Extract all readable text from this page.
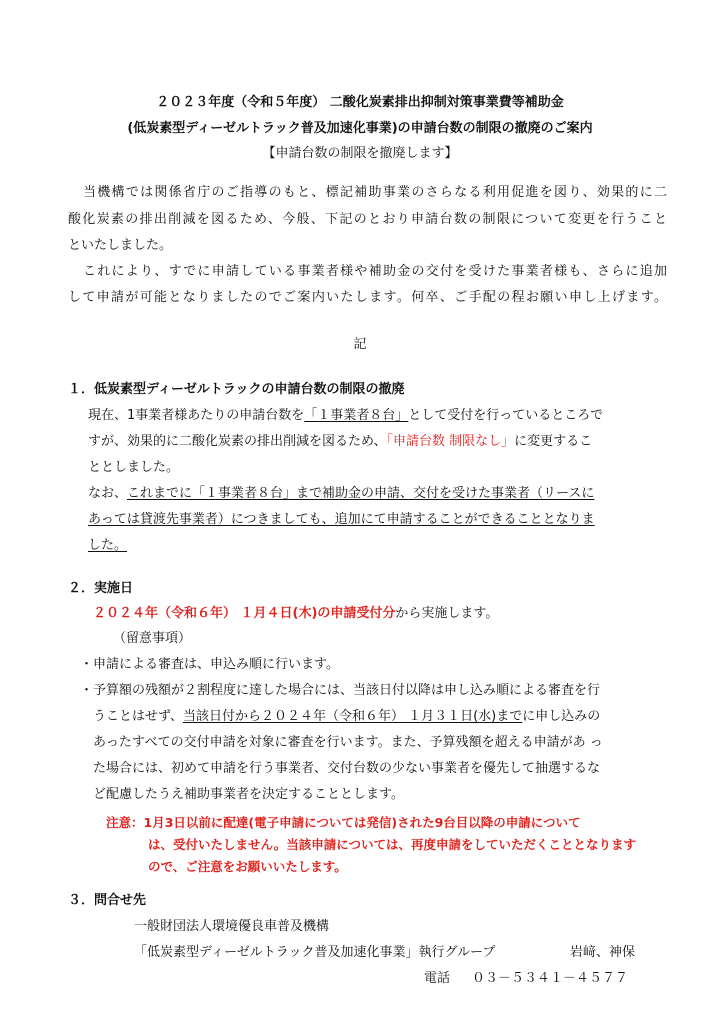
２０２３年度（令和５年度） 二酸化炭素排出抑制対策事業費等補助金
(低炭素型ディーゼルトラック普及加速化事業)の申請台数の制限の撤廃のご案内
【申請台数の制限を撤廃します】
当機構では関係省庁のご指導のもと、標記補助事業のさらなる利用促進を図り、効果的に二
酸化炭素の排出削減を図るため、今般、下記のとおり申請台数の制限について変更を行うこと
といたしました。
これにより、すでに申請している事業者様や補助金の交付を受けた事業者様も、さらに追加
して申請が可能となりましたのでご案内いたします。何卒、ご手配の程お願い申し上げます。
記
１．低炭素型ディーゼルトラックの申請台数の制限の撤廃
現在、1事業者様あたりの申請台数を「１事業者８台」として受付を行っているところで
すが、効果的に二酸化炭素の排出削減を図るため、「申請台数 制限なし」に変更するこ
ととしました。
なお、これまでに「１事業者８台」まで補助金の申請、交付を受けた事業者（リースに
あっては貸渡先事業者）につきましても、追加にて申請することができることとなりま
した。
２．実施日
２０２４年（令和６年） １月４日(木)の申請受付分から実施します。
（留意事項）
・申請による審査は、申込み順に行います。
・予算額の残額が２割程度に達した場合には、当該日付以降は申し込み順による審査を行
うことはせず、当該日付から２０２４年（令和６年） １月３１日(水)までに申し込みの
あったすべての交付申請を対象に審査を行います。また、予算残額を超える申請があ っ
た場合には、初めて申請を行う事業者、交付台数の少ない事業者を優先して抽選するな
ど配慮したうえ補助事業者を決定することとします。
注意：1月3日以前に配達(電子申請については発信)された9台目以降の申請について
は、受付いたしません。当該申請については、再度申請をしていただくこととなります
ので、ご注意をお願いいたします。
３．問合せ先
一般財団法人環境優良車普及機構
「低炭素型ディーゼルトラック普及加速化事業」執行グループ	岩﨑、神保
電話 ０３－５３４１－４５７７
